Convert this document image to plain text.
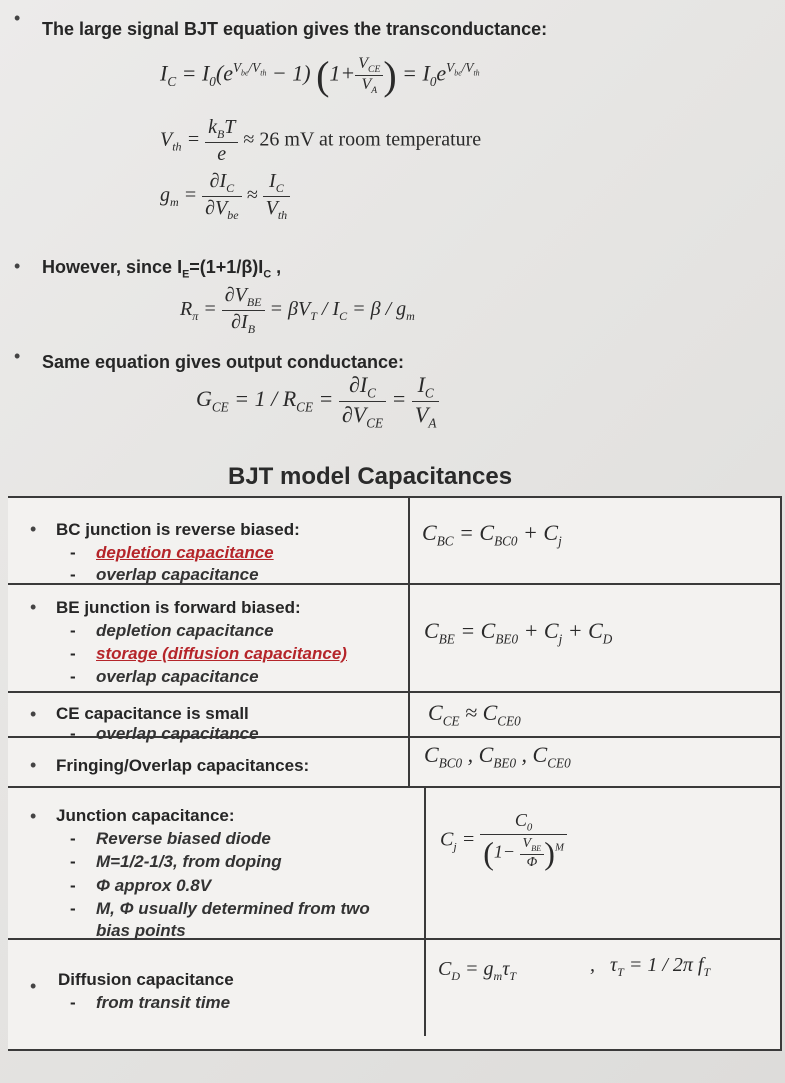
•
The large signal BJT equation gives the transconductance:
$I_C = I_0(e^{V_{be}/V_{th}} - 1)$ ($1+ \frac{V_{CE}}{V_A}$ ) = $I_0e^{V_{be}/V_{th}}$
$V_{th} = \frac{k_BT}{e} \approx 26$ mV at room temperature
$g_m = \frac{\partial I_C}{\partial V_{be}} \approx \frac{I_C}{V_{th}}$
• However, since $I_E=(1+1/\beta)I_C$ ,
$R_\pi = \frac{\partial V_{BE}}{\partial I_B} = \beta V_T / I_C = \beta / g_m$
• Same equation gives output conductance:
$G_{CE} = 1 / R_{CE} = \frac{\partial I_C}{\partial V_{CE}} = \frac{I_C}{V_A}$
BJT model Capacitances
• BC junction is reverse biased:
- depletion capacitance
- overlap capacitance
$C_{BC} = C_{BC0} + C_j$
• BE junction is forward biased:
- depletion capacitance
- storage (diffusion capacitance)
- overlap capacitance
$C_{BE} = C_{BE0} + C_j + C_D$
• CE capacitance is small
- overlap capacitance
$C_{CE} \approx C_{CE0}$
• Fringing/Overlap capacitances:	$C_{BC0}$ , $C_{BE0}$ , $C_{CE0}$
• Junction capacitance:
- Reverse biased diode
- M=1/2-1/3, from doping
- Φ approx 0.8V
- M, Φ usually determined from two
bias points
$C_j = \frac{C_0}{(1- \frac{V_{BE}}{\Phi} )^M}$
• Diffusion capacitance
- from transit time
$C_D = g_m\tau_T$	,   $\tau_T = 1 / 2\pi$ $f_T$
